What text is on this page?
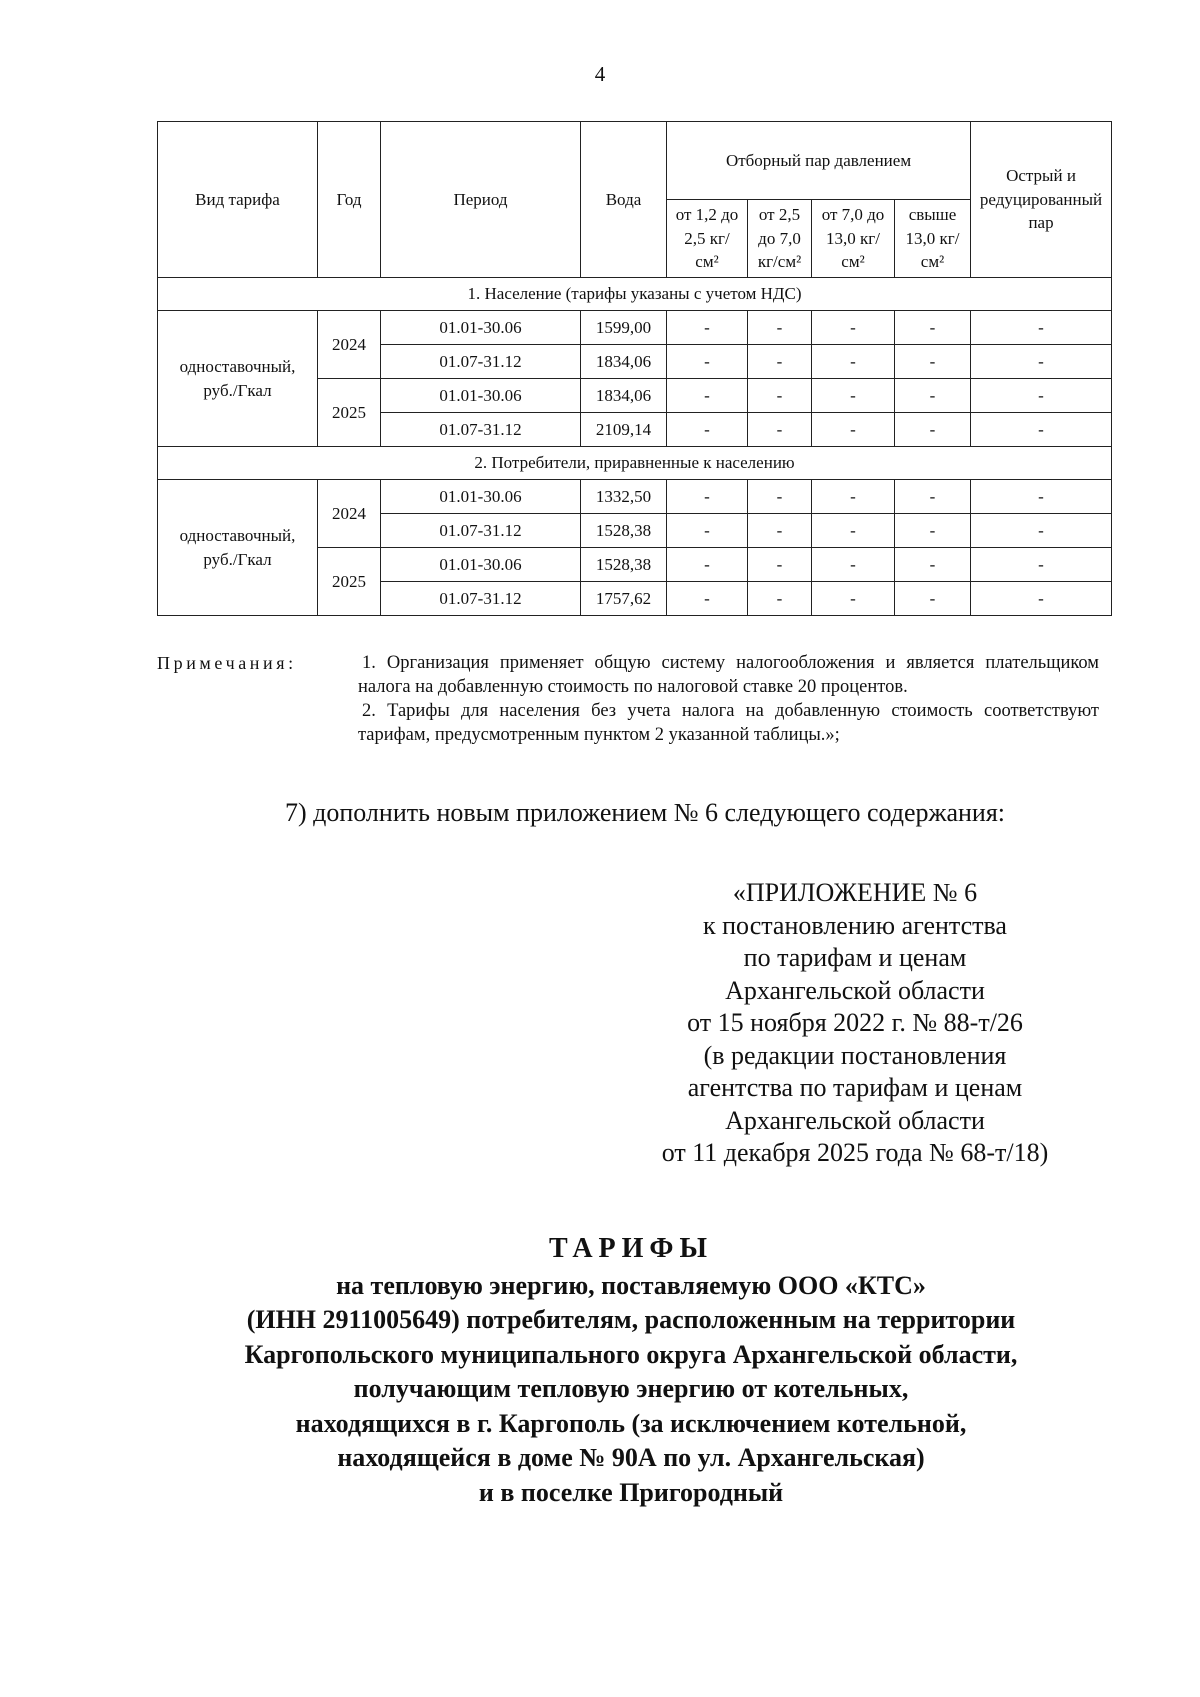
4
Вид тарифа	Год	Период	Вода	Отборный пар давлением				Острый и редуцированный пар
				от 1,2 до 2,5 кг/см²	от 2,5 до 7,0 кг/см²	от 7,0 до 13,0 кг/см²	свыше 13,0 кг/см²	
1. Население (тарифы указаны с учетом НДС)								
одноставочный, руб./Гкал	2024	01.01-30.06	1599,00	-	-	-	-	-
		01.07-31.12	1834,06	-	-	-	-	-
	2025	01.01-30.06	1834,06	-	-	-	-	-
		01.07-31.12	2109,14	-	-	-	-	-
2. Потребители, приравненные к населению								
одноставочный, руб./Гкал	2024	01.01-30.06	1332,50	-	-	-	-	-
		01.07-31.12	1528,38	-	-	-	-	-
	2025	01.01-30.06	1528,38	-	-	-	-	-
		01.07-31.12	1757,62	-	-	-	-	-
Примечания:	1. Организация применяет общую систему налогообложения и является плательщиком налога на добавленную стоимость по налоговой ставке 20 процентов.

2. Тарифы для населения без учета налога на добавленную стоимость соответствуют тарифам, предусмотренным пунктом 2 указанной таблицы.»;

7) дополнить новым приложением № 6 следующего содержания:
«ПРИЛОЖЕНИЕ № 6
к постановлению агентства
по тарифам и ценам
Архангельской области
от 15 ноября 2022 г. № 88-т/26
(в редакции постановления
агентства по тарифам и ценам
Архангельской области
от 11 декабря 2025 года № 68-т/18)
ТАРИФЫ
на тепловую энергию, поставляемую ООО «КТС»
(ИНН 2911005649) потребителям, расположенным на территории
Каргопольского муниципального округа Архангельской области,
получающим тепловую энергию от котельных,
находящихся в г. Каргополь (за исключением котельной,
находящейся в доме № 90А по ул. Архангельская)
и в поселке Пригородный
